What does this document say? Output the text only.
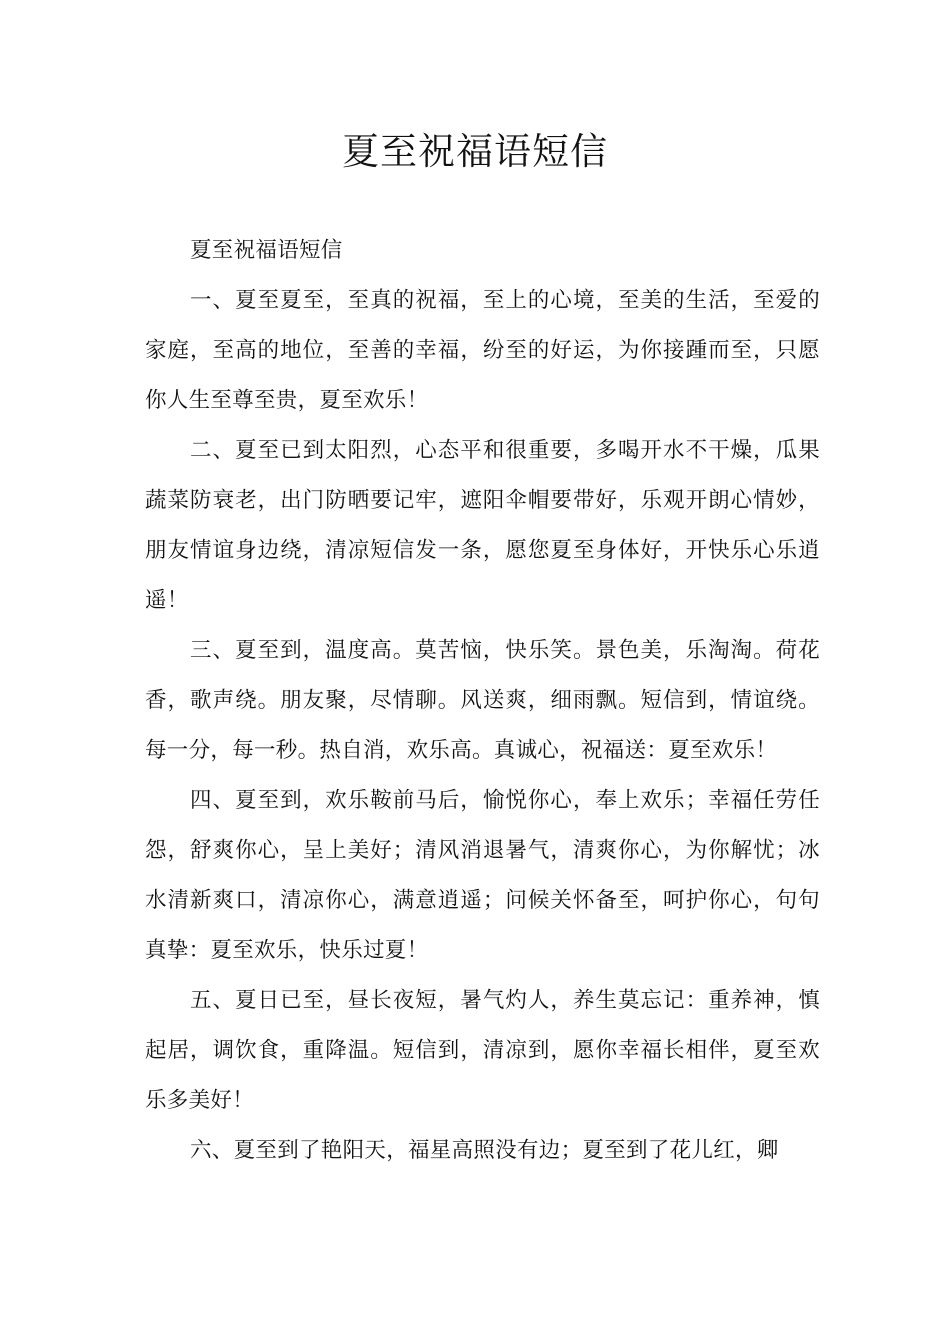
夏至祝福语短信

夏至祝福语短信

一、夏至夏至，至真的祝福，至上的心境，至美的生活，至爱的家庭，至高的地位，至善的幸福，纷至的好运，为你接踵而至，只愿你人生至尊至贵，夏至欢乐！

二、夏至已到太阳烈，心态平和很重要，多喝开水不干燥，瓜果蔬菜防衰老，出门防晒要记牢，遮阳伞帽要带好，乐观开朗心情妙，朋友情谊身边绕，清凉短信发一条，愿您夏至身体好，开快乐心乐逍遥！

三、夏至到，温度高。莫苦恼，快乐笑。景色美，乐淘淘。荷花香，歌声绕。朋友聚，尽情聊。风送爽，细雨飘。短信到，情谊绕。每一分，每一秒。热自消，欢乐高。真诚心，祝福送：夏至欢乐！

四、夏至到，欢乐鞍前马后，愉悦你心，奉上欢乐；幸福任劳任怨，舒爽你心，呈上美好；清风消退暑气，清爽你心，为你解忧；冰水清新爽口，清凉你心，满意逍遥；问候关怀备至，呵护你心，句句真挚：夏至欢乐，快乐过夏！

五、夏日已至，昼长夜短，暑气灼人，养生莫忘记：重养神，慎起居，调饮食，重降温。短信到，清凉到，愿你幸福长相伴，夏至欢乐多美好！

六、夏至到了艳阳天，福星高照没有边；夏至到了花儿红，卿
